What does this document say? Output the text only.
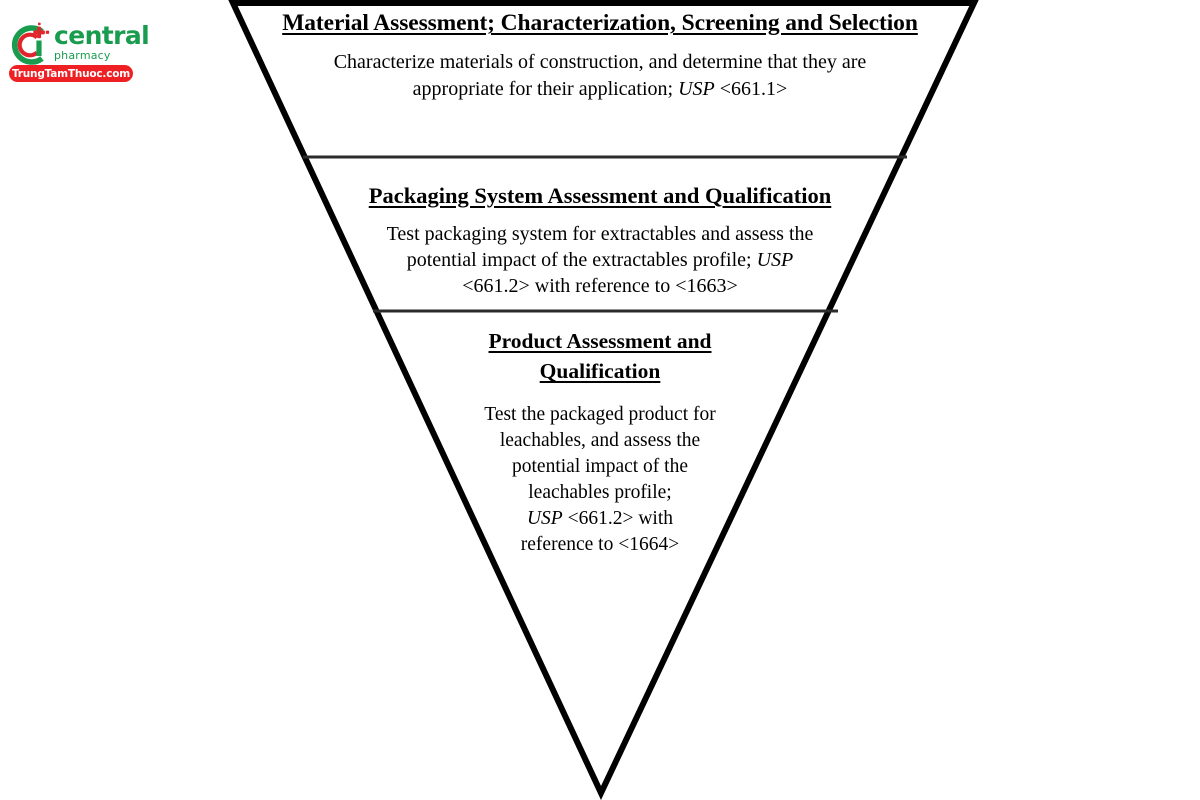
central
pharmacy
TrungTamThuoc.com
Material Assessment; Characterization, Screening and Selection
Characterize materials of construction, and determine that they are
appropriate for their application; USP <661.1>
Packaging System Assessment and Qualification
Test packaging system for extractables and assess the
potential impact of the extractables profile; USP
<661.2> with reference to <1663>
Product Assessment and Qualification
Test the packaged product for
leachables, and assess the
potential impact of the
leachables profile;
USP <661.2> with
reference to <1664>
